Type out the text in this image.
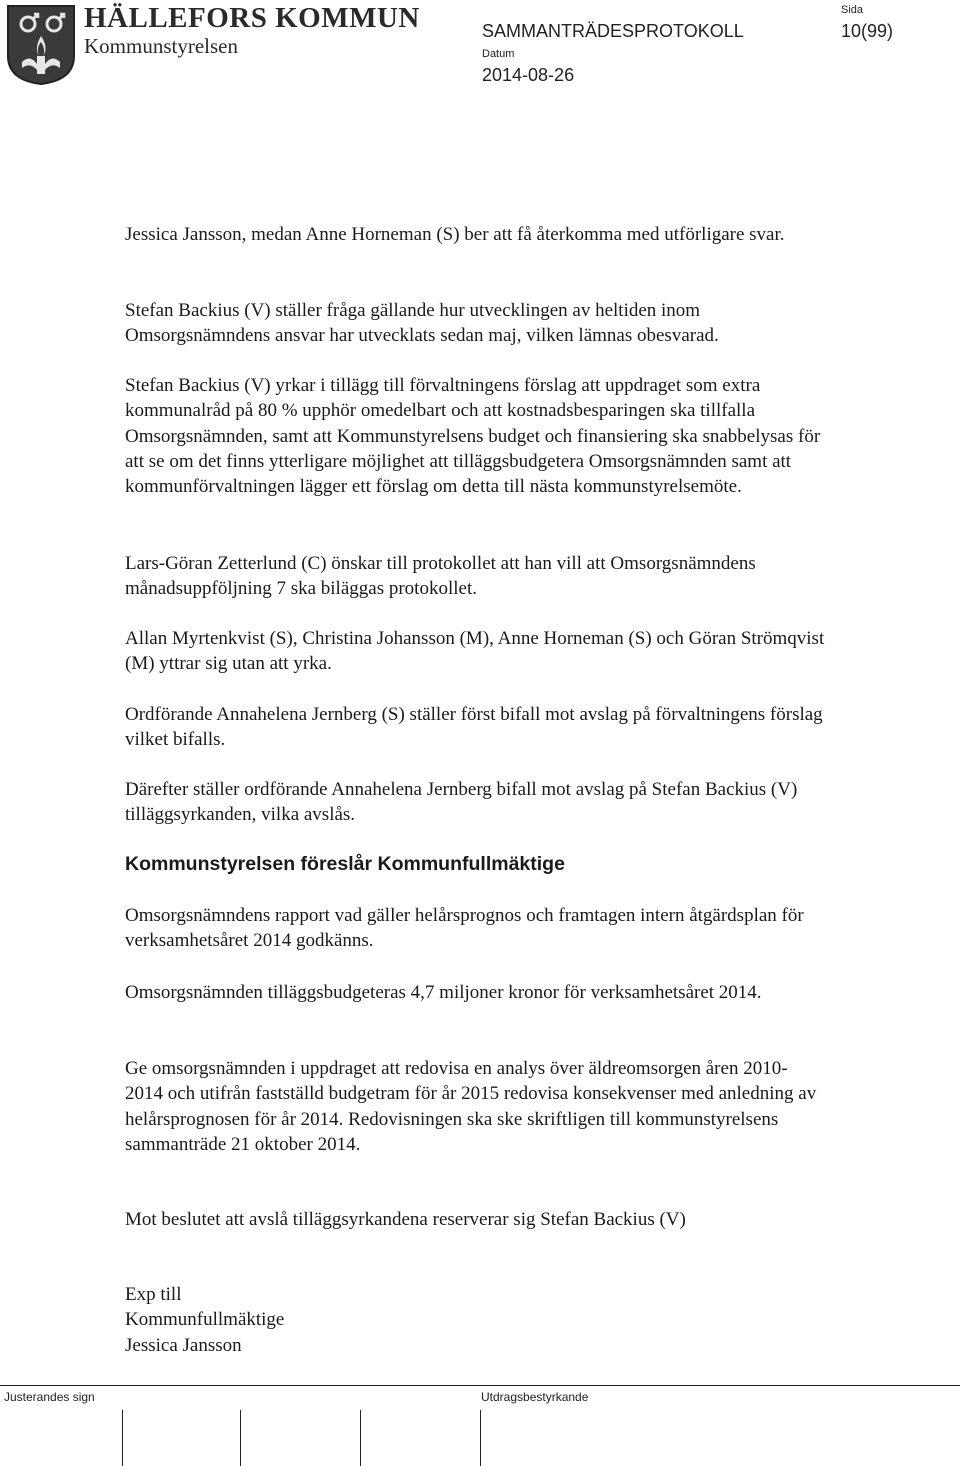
HÄLLEFORS KOMMUN
Kommunstyrelsen
SAMMANTRÄDESPROTOKOLL
Datum
2014-08-26
Sida
10(99)

Jessica Jansson, medan Anne Horneman (S) ber att få återkomma med utförligare svar.

Stefan Backius (V) ställer fråga gällande hur utvecklingen av heltiden inom Omsorgsnämndens ansvar har utvecklats sedan maj, vilken lämnas obesvarad.

Stefan Backius (V) yrkar i tillägg till förvaltningens förslag att uppdraget som extra kommunalråd på 80 % upphör omedelbart och att kostnadsbesparingen ska tillfalla Omsorgsnämnden, samt att Kommunstyrelsens budget och finansiering ska snabbelysas för att se om det finns ytterligare möjlighet att tilläggsbudgetera Omsorgsnämnden samt att kommunförvaltningen lägger ett förslag om detta till nästa kommunstyrelsemöte.

Lars-Göran Zetterlund (C) önskar till protokollet att han vill att Omsorgsnämndens månadsuppföljning 7 ska biläggas protokollet.

Allan Myrtenkvist (S), Christina Johansson (M), Anne Horneman (S) och Göran Strömqvist (M) yttrar sig utan att yrka.

Ordförande Annahelena Jernberg (S) ställer först bifall mot avslag på förvaltningens förslag vilket bifalls.

Därefter ställer ordförande Annahelena Jernberg bifall mot avslag på Stefan Backius (V) tilläggsyrkanden, vilka avslås.

Kommunstyrelsen föreslår Kommunfullmäktige

Omsorgsnämndens rapport vad gäller helårsprognos och framtagen intern åtgärdsplan för verksamhetsåret 2014 godkänns.

Omsorgsnämnden tilläggsbudgeteras 4,7 miljoner kronor för verksamhetsåret 2014.

Ge omsorgsnämnden i uppdraget att redovisa en analys över äldreomsorgen åren 2010-2014 och utifrån fastställd budgetram för år 2015 redovisa konsekvenser med anledning av helårsprognosen för år 2014. Redovisningen ska ske skriftligen till kommunstyrelsens sammanträde 21 oktober 2014.

Mot beslutet att avslå tilläggsyrkandena reserverar sig Stefan Backius (V)

Exp till
Kommunfullmäktige
Jessica Jansson
Justerandes sign	Utdragsbestyrkande
